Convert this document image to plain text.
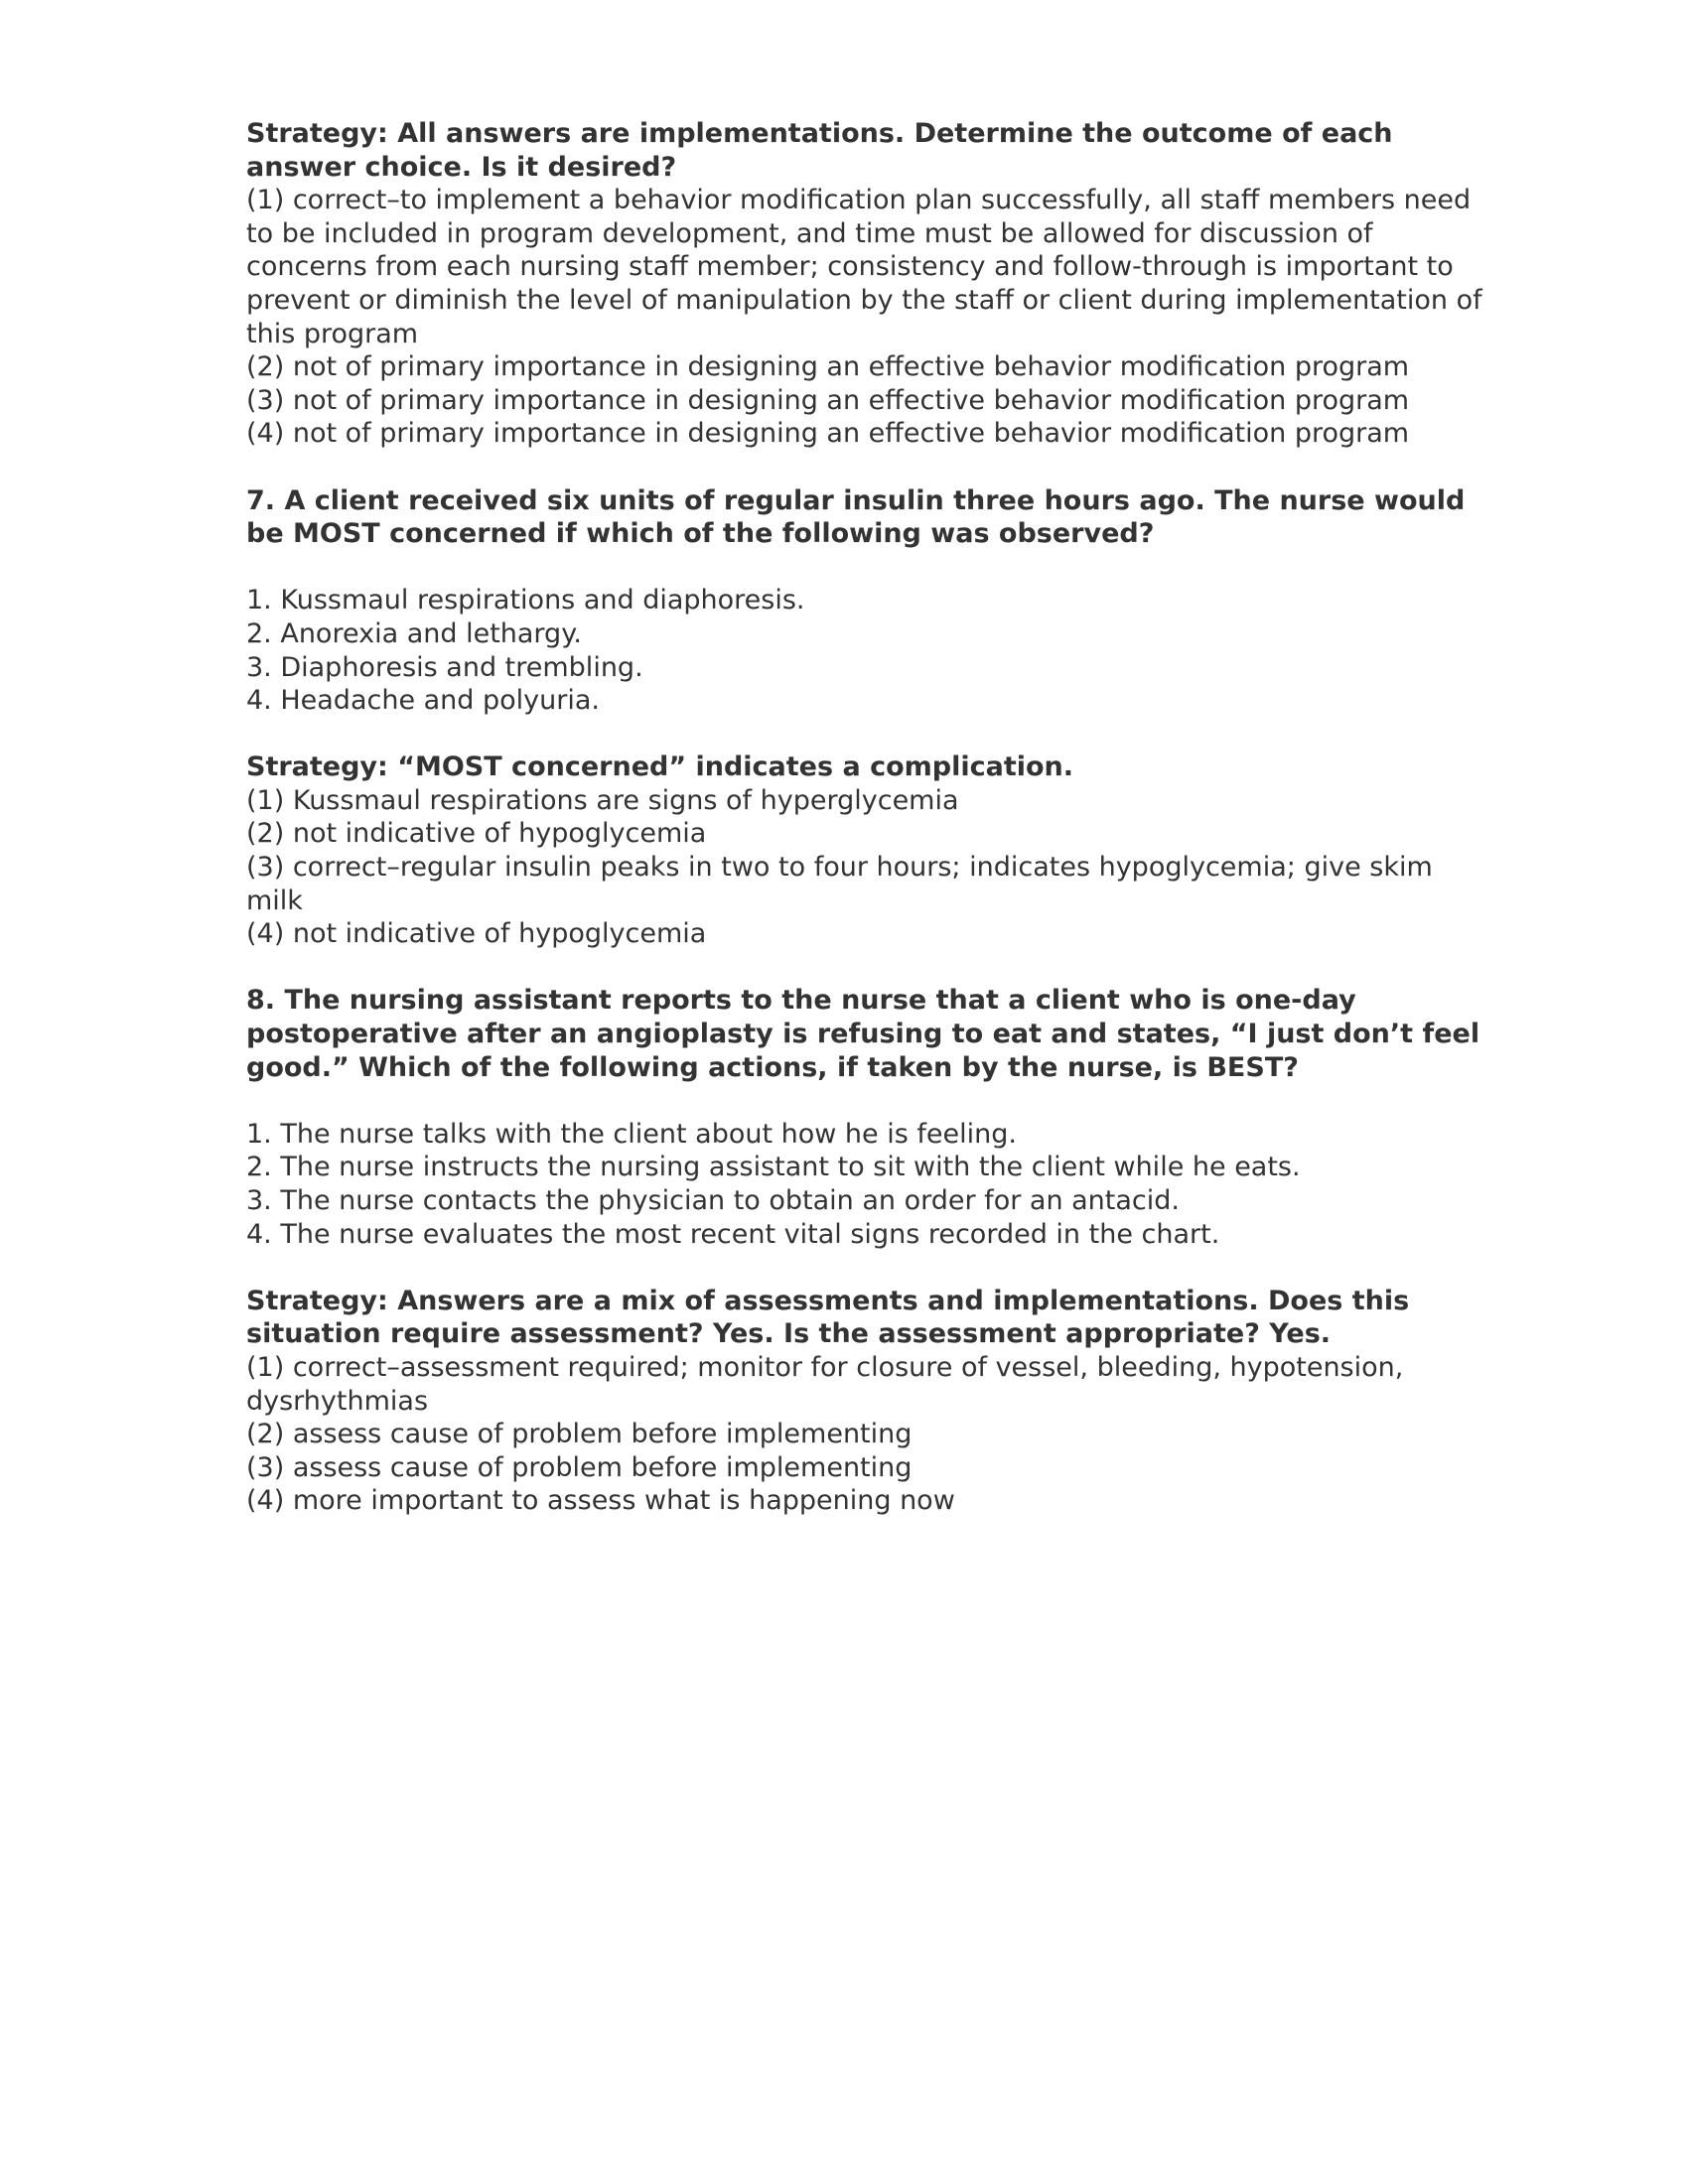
Strategy: All answers are implementations. Determine the outcome of each answer choice. Is it desired?

(1) correct–to implement a behavior modification plan successfully, all staff members need to be included in program development, and time must be allowed for discussion of concerns from each nursing staff member; consistency and follow-through is important to prevent or diminish the level of manipulation by the staff or client during implementation of this program

(2) not of primary importance in designing an effective behavior modification program

(3) not of primary importance in designing an effective behavior modification program

(4) not of primary importance in designing an effective behavior modification program

7. A client received six units of regular insulin three hours ago. The nurse would be MOST concerned if which of the following was observed?

1. Kussmaul respirations and diaphoresis.

2. Anorexia and lethargy.

3. Diaphoresis and trembling.

4. Headache and polyuria.

Strategy: “MOST concerned” indicates a complication.

(1) Kussmaul respirations are signs of hyperglycemia

(2) not indicative of hypoglycemia

(3) correct–regular insulin peaks in two to four hours; indicates hypoglycemia; give skim milk

(4) not indicative of hypoglycemia

8. The nursing assistant reports to the nurse that a client who is one-day postoperative after an angioplasty is refusing to eat and states, “I just don’t feel good.” Which of the following actions, if taken by the nurse, is BEST?

1. The nurse talks with the client about how he is feeling.

2. The nurse instructs the nursing assistant to sit with the client while he eats.

3. The nurse contacts the physician to obtain an order for an antacid.

4. The nurse evaluates the most recent vital signs recorded in the chart.

Strategy: Answers are a mix of assessments and implementations. Does this situation require assessment? Yes. Is the assessment appropriate? Yes.

(1) correct–assessment required; monitor for closure of vessel, bleeding, hypotension, dysrhythmias

(2) assess cause of problem before implementing

(3) assess cause of problem before implementing

(4) more important to assess what is happening now
